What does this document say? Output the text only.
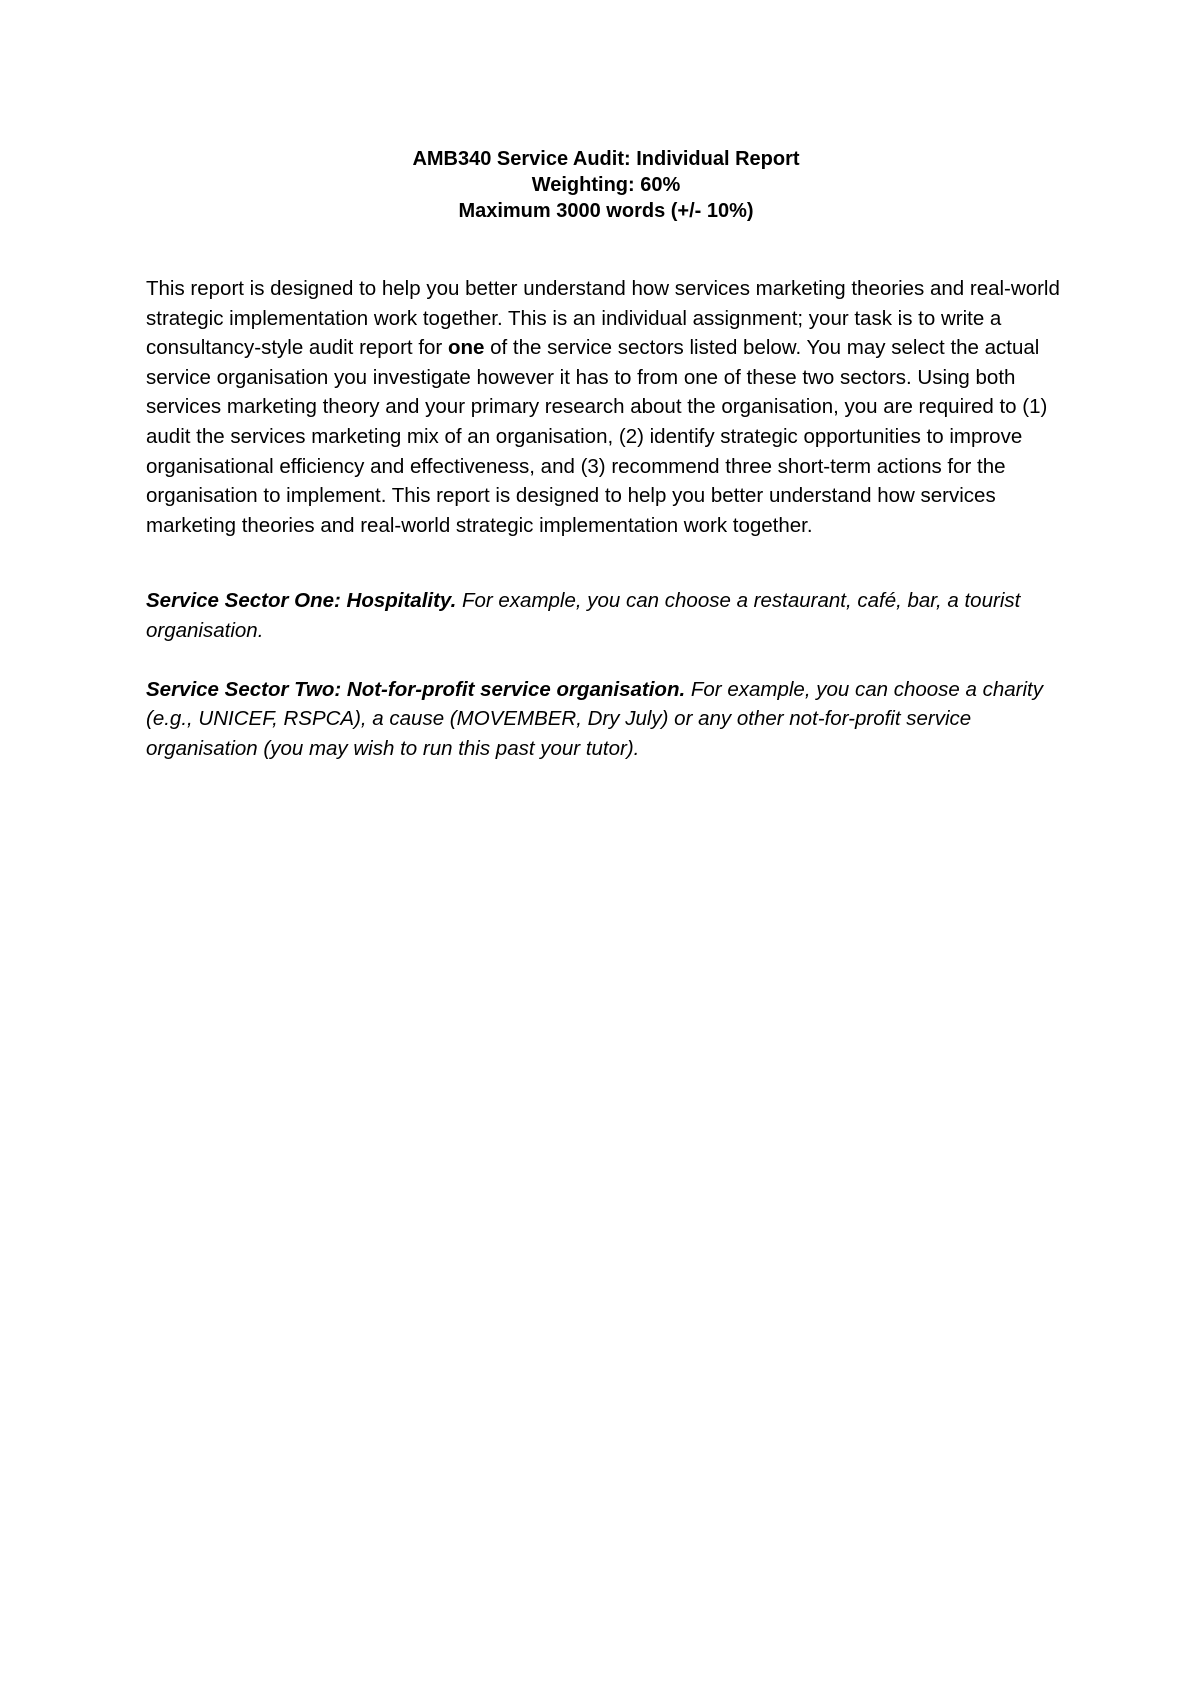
AMB340 Service Audit: Individual Report
Weighting: 60%
Maximum 3000 words (+/- 10%)

This report is designed to help you better understand how services marketing theories and real-world strategic implementation work together. This is an individual assignment; your task is to write a consultancy-style audit report for one of the service sectors listed below. You may select the actual service organisation you investigate however it has to from one of these two sectors. Using both services marketing theory and your primary research about the organisation, you are required to (1) audit the services marketing mix of an organisation, (2) identify strategic opportunities to improve organisational efficiency and effectiveness, and (3) recommend three short-term actions for the organisation to implement. This report is designed to help you better understand how services marketing theories and real-world strategic implementation work together.

Service Sector One: Hospitality. For example, you can choose a restaurant, café, bar, a tourist organisation.

Service Sector Two: Not-for-profit service organisation. For example, you can choose a charity (e.g., UNICEF, RSPCA), a cause (MOVEMBER, Dry July) or any other not-for-profit service organisation (you may wish to run this past your tutor).
